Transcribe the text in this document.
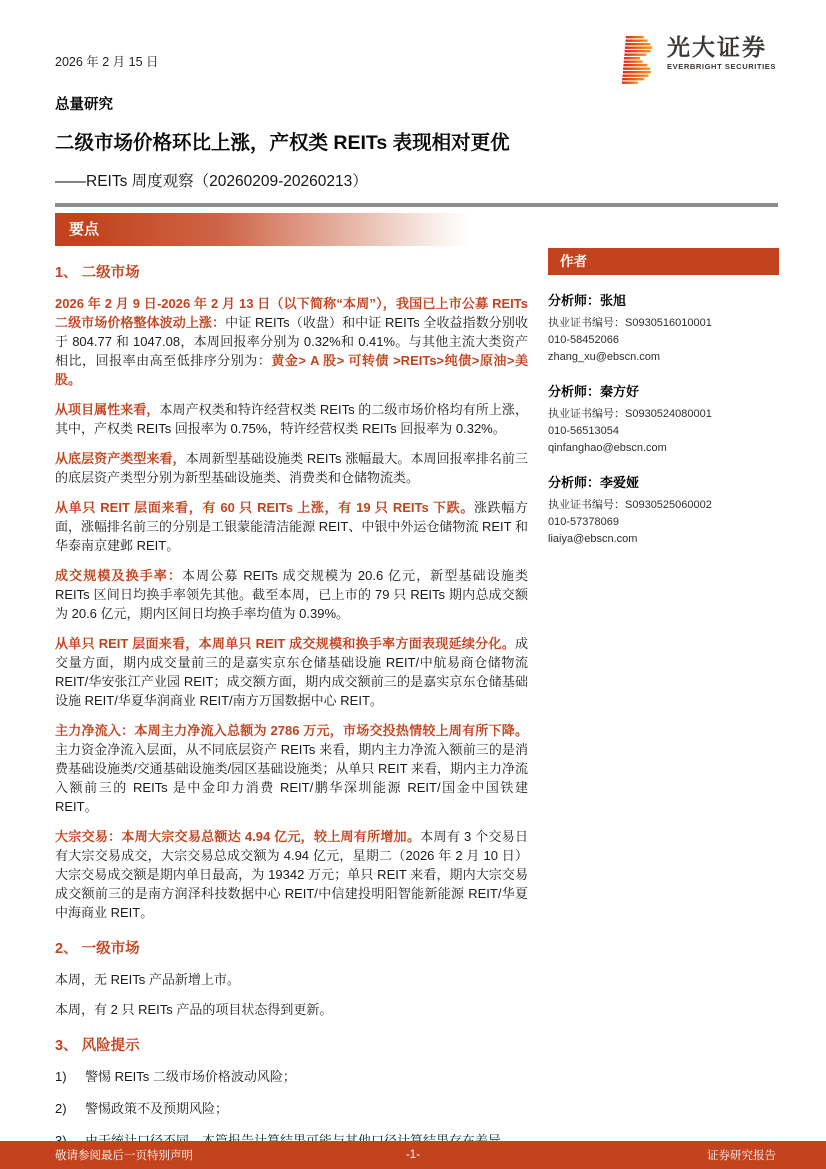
2026 年 2 月 15 日
光大证券
EVERBRIGHT SECURITIES
总量研究
二级市场价格环比上涨，产权类 REITs 表现相对更优
——REITs 周度观察（20260209-20260213）
要点
1、 二级市场
2026 年 2 月 9 日-2026 年 2 月 13 日（以下简称“本周”），我国已上市公募 REITs 二级市场价格整体波动上涨：中证 REITs（收盘）和中证 REITs 全收益指数分别收于 804.77 和 1047.08，本周回报率分别为 0.32%和 0.41%。与其他主流大类资产相比，回报率由高至低排序分别为：黄金> A 股> 可转债 >REITs>纯债>原油>美股。
从项目属性来看，本周产权类和特许经营权类 REITs 的二级市场价格均有所上涨，其中，产权类 REITs 回报率为 0.75%，特许经营权类 REITs 回报率为 0.32%。
从底层资产类型来看，本周新型基础设施类 REITs 涨幅最大。本周回报率排名前三的底层资产类型分别为新型基础设施类、消费类和仓储物流类。
从单只 REIT 层面来看，有 60 只 REITs 上涨，有 19 只 REITs 下跌。涨跌幅方面，涨幅排名前三的分别是工银蒙能清洁能源 REIT、中银中外运仓储物流 REIT 和华泰南京建邺 REIT。
成交规模及换手率：本周公募 REITs 成交规模为 20.6 亿元，新型基础设施类 REITs 区间日均换手率领先其他。截至本周，已上市的 79 只 REITs 期内总成交额为 20.6 亿元，期内区间日均换手率均值为 0.39%。
从单只 REIT 层面来看，本周单只 REIT 成交规模和换手率方面表现延续分化。成交量方面，期内成交量前三的是嘉实京东仓储基础设施 REIT/中航易商仓储物流 REIT/华安张江产业园 REIT；成交额方面，期内成交额前三的是嘉实京东仓储基础设施 REIT/华夏华润商业 REIT/南方万国数据中心 REIT。
主力净流入：本周主力净流入总额为 2786 万元，市场交投热情较上周有所下降。主力资金净流入层面，从不同底层资产 REITs 来看，期内主力净流入额前三的是消费基础设施类/交通基础设施类/园区基础设施类；从单只 REIT 来看，期内主力净流入额前三的 REITs 是中金印力消费 REIT/鹏华深圳能源 REIT/国金中国铁建 REIT。
大宗交易：本周大宗交易总额达 4.94 亿元，较上周有所增加。本周有 3 个交易日有大宗交易成交，大宗交易总成交额为 4.94 亿元，星期二（2026 年 2 月 10 日）大宗交易成交额是期内单日最高，为 19342 万元；单只 REIT 来看，期内大宗交易成交额前三的是南方润泽科技数据中心 REIT/中信建投明阳智能新能源 REIT/华夏中海商业 REIT。
2、 一级市场
本周，无 REITs 产品新增上市。
本周，有 2 只 REITs 产品的项目状态得到更新。
3、 风险提示
1) 警惕 REITs 二级市场价格波动风险；
2) 警惕政策不及预期风险；
作者
分析师：张旭
执业证书编号：S0930516010001
010-58452066
zhang_xu@ebscn.com
分析师：秦方好
执业证书编号：S0930524080001
010-56513054
qinfanghao@ebscn.com
分析师：李爱娅
执业证书编号：S0930525060002
010-57378069
liaiya@ebscn.com
敬请参阅最后一页特别声明	-1-	证券研究报告
